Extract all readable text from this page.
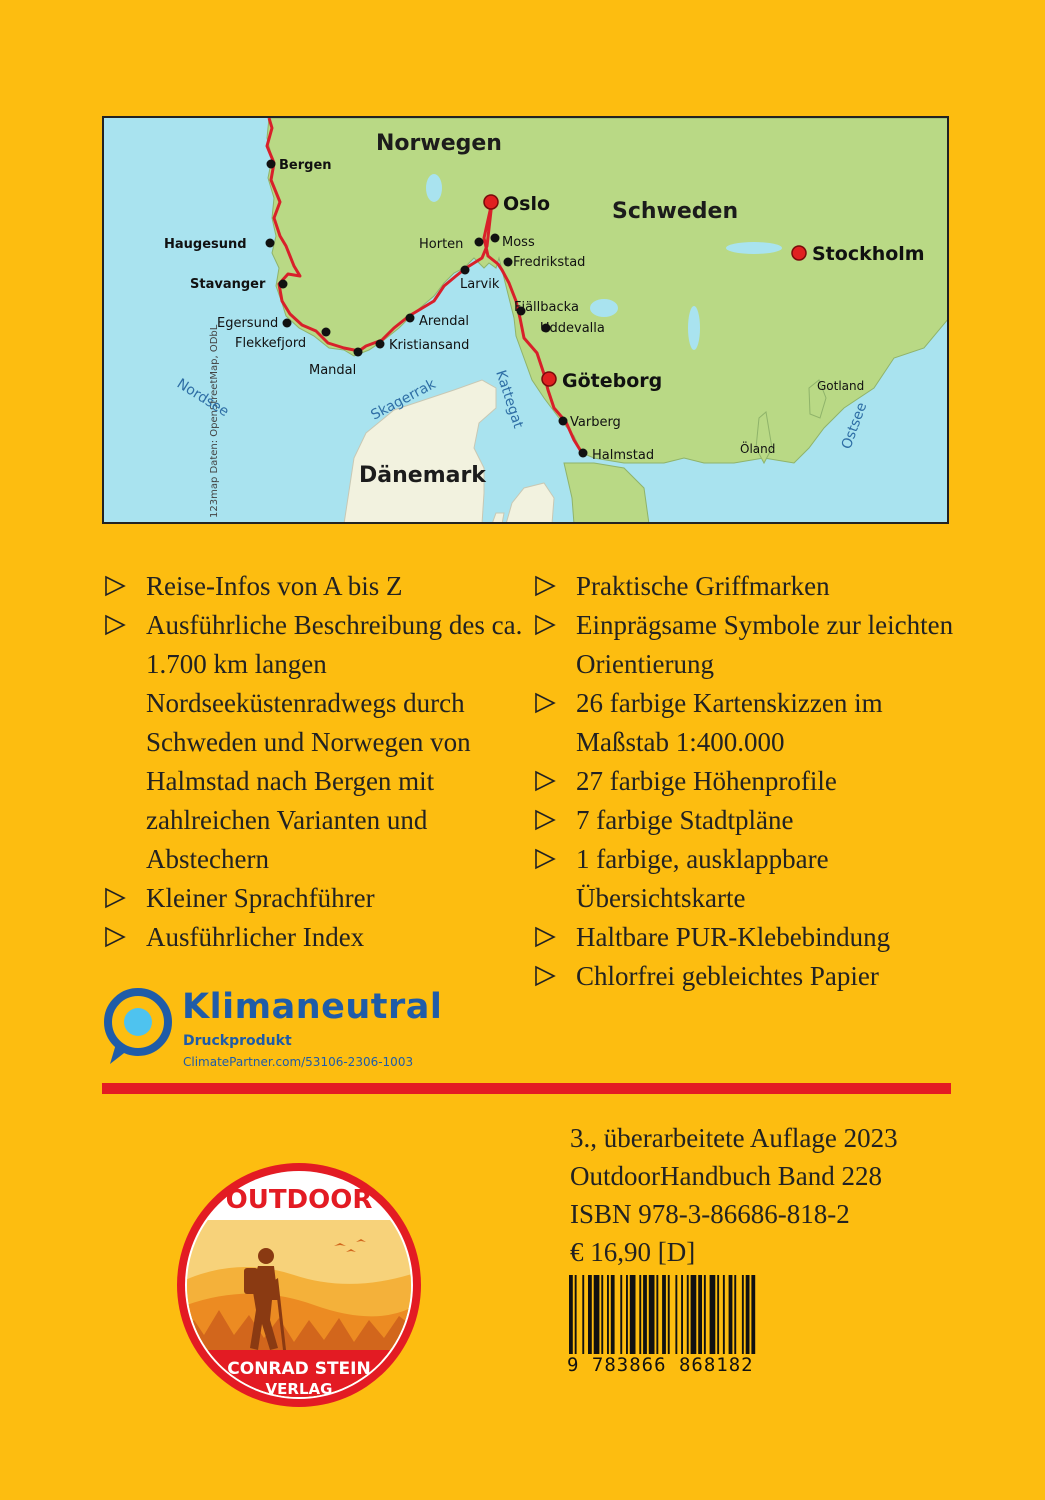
STEPMAP © Stepmap, 123map Daten: OpenStreetMap, ODbL
Norwegen
Schweden
Dänemark
Nordsee	Skagerrak	Kattegat	Ostsee
Oslo
Stockholm
Göteborg
Bergen
Haugesund
Stavanger
Egersund
Flekkefjord
Mandal
Kristiansand
Arendal
Larvik
Horten	Moss
Fredrikstad
Fjällbacka
Uddevalla
Varberg
Halmstad
Gotland
Öland
Reise-Infos von A bis Z
Ausführliche Beschreibung des ca. 1.700 km langen Nordseeküstenradwegs durch Schweden und Norwegen von Halmstad nach Bergen mit zahlreichen Varianten und Abstechern
Kleiner Sprachführer
Ausführlicher Index
Praktische Griffmarken
Einprägsame Symbole zur leichten Orientierung
26 farbige Kartenskizzen im Maßstab 1:400.000
27 farbige Höhenprofile
7 farbige Stadtpläne
1 farbige, ausklappbare Übersichtskarte
Haltbare PUR-Klebebindung
Chlorfrei gebleichtes Papier
Klimaneutral
Druckprodukt
ClimatePartner.com/53106-2306-1003
OUTDOOR
CONRAD STEIN
VERLAG
3., überarbeitete Auflage 2023
OutdoorHandbuch Band 228
ISBN 978-3-86686-818-2
€ 16,90 [D]
9 783866 868182
